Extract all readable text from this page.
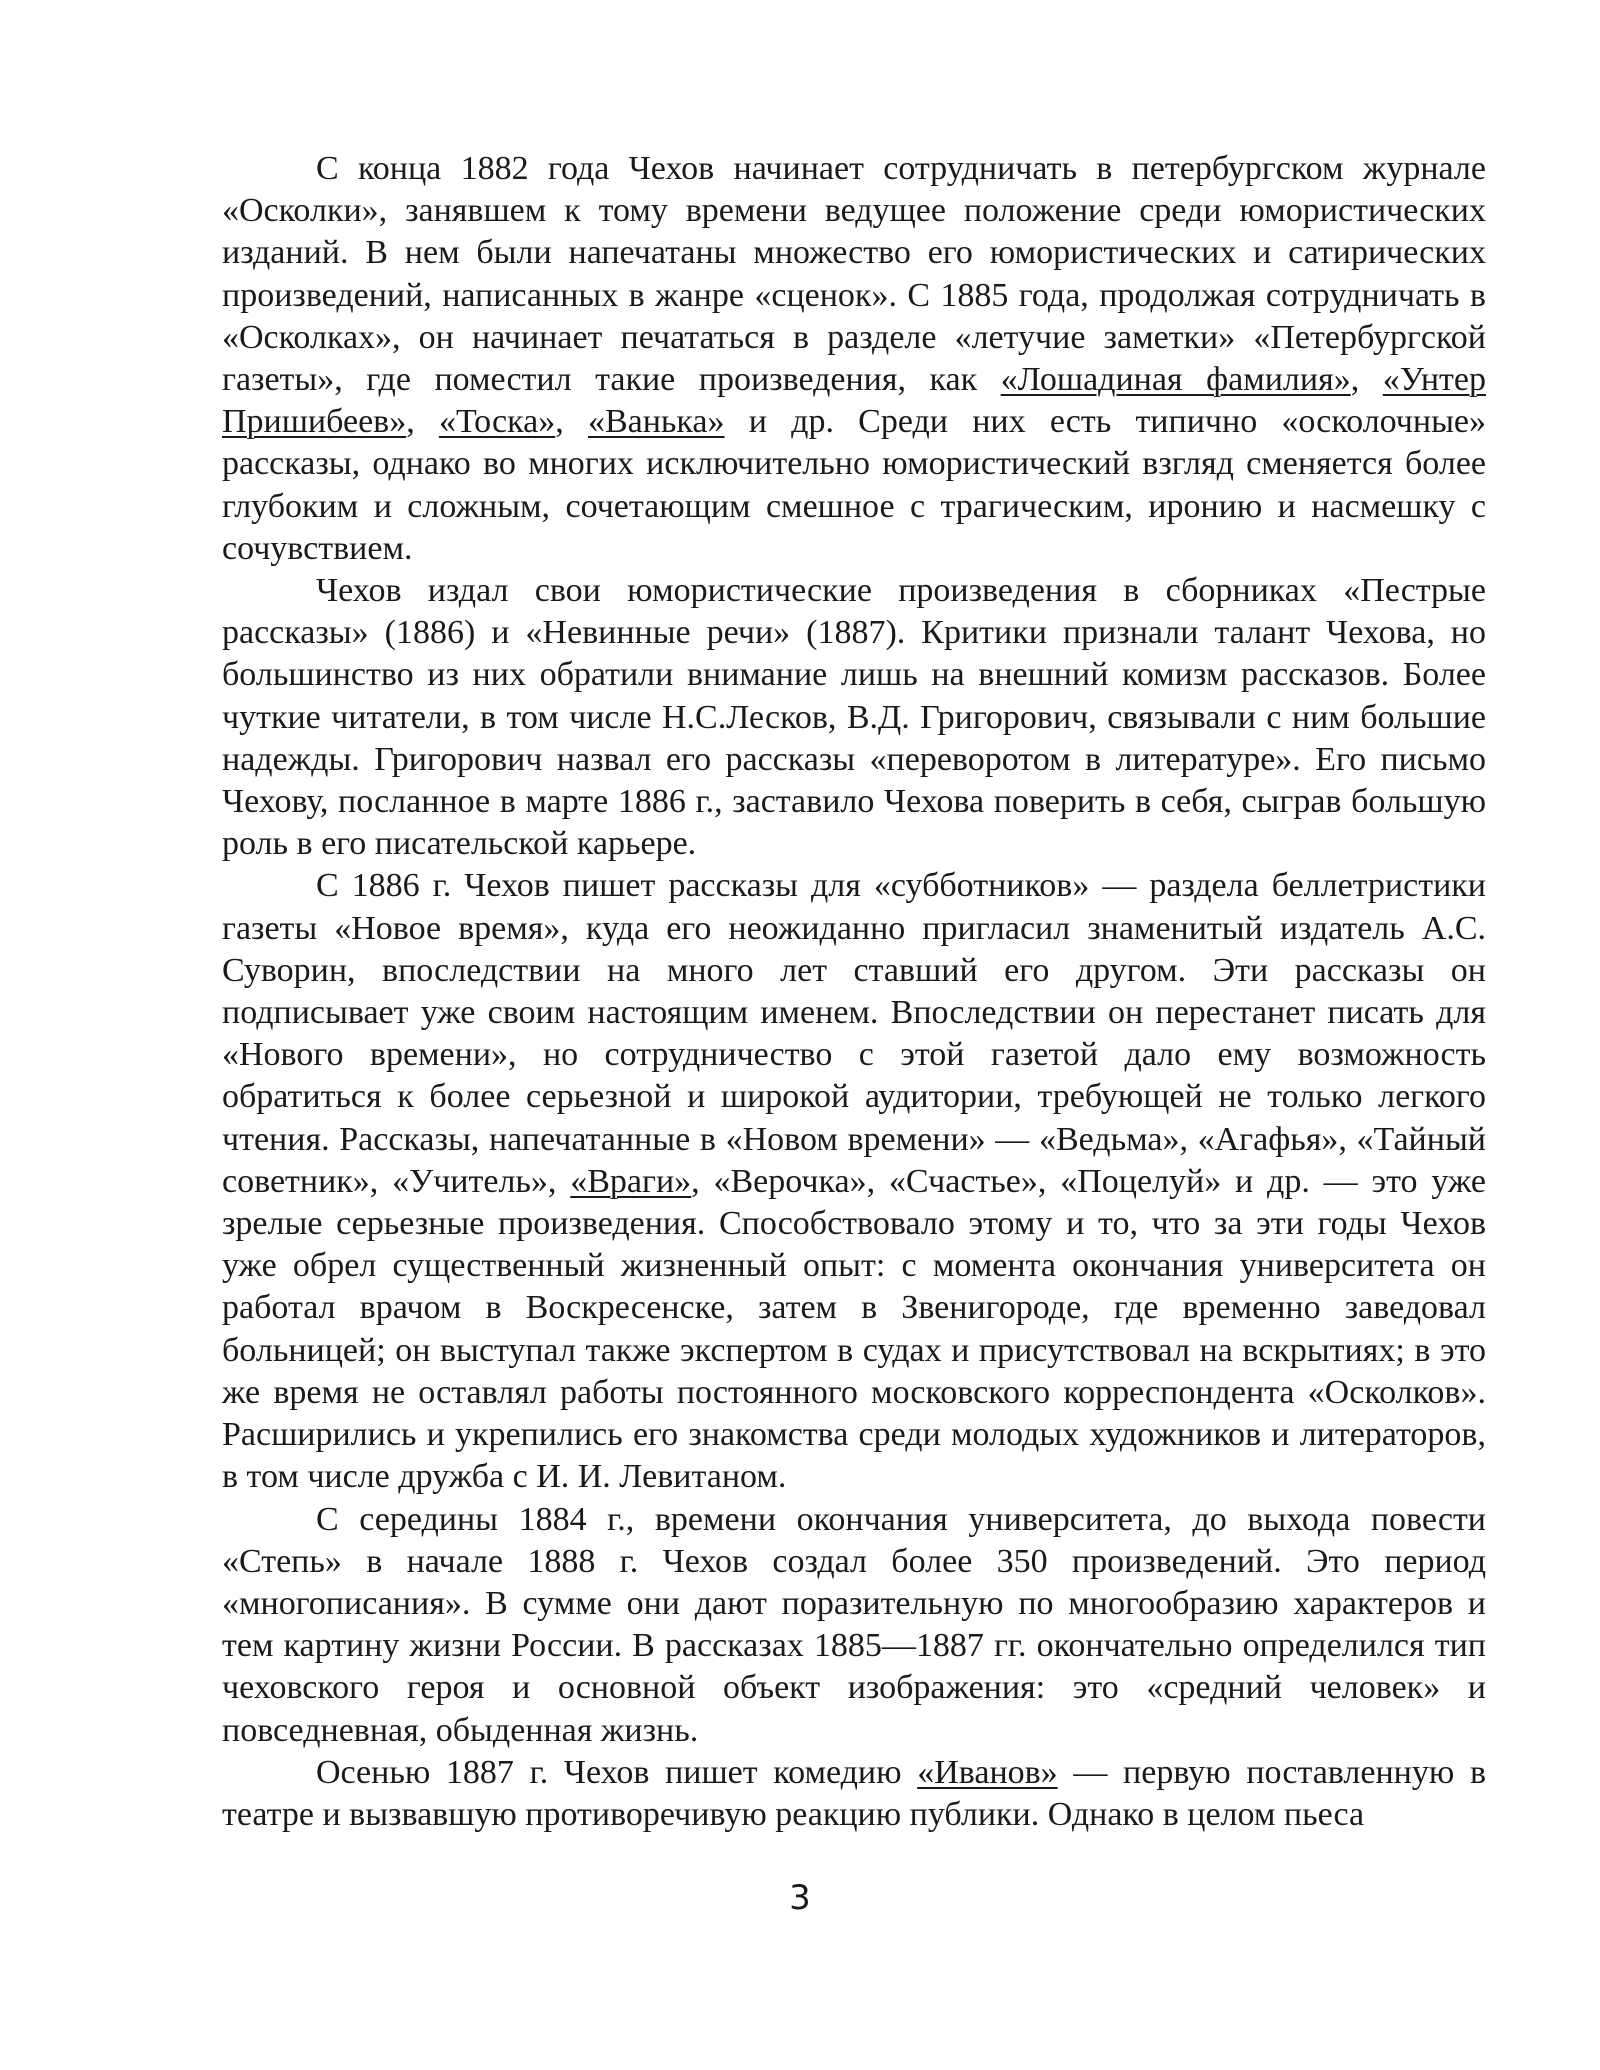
С конца 1882 года Чехов начинает сотрудничать в петербургском журнале «Осколки», занявшем к тому времени ведущее положение среди юмористических изданий. В нем были напечатаны множество его юмористических и сатирических произведений, написанных в жанре «сценок». С 1885 года, продолжая сотрудничать в «Осколках», он начинает печататься в разделе «летучие заметки» «Петербургской газеты», где поместил такие произведения, как «Лошадиная фамилия», «Унтер Пришибеев», «Тоска», «Ванька» и др. Среди них есть типично «осколочные» рассказы, однако во многих исключительно юмористический взгляд сменяется более глубоким и сложным, сочетающим смешное с трагическим, иронию и насмешку с сочувствием.

Чехов издал свои юмористические произведения в сборниках «Пестрые рассказы» (1886) и «Невинные речи» (1887). Критики признали талант Чехова, но большинство из них обратили внимание лишь на внешний комизм рассказов. Более чуткие читатели, в том числе Н.С.Лесков, В.Д. Григорович, связывали с ним большие надежды. Григорович назвал его рассказы «переворотом в литературе». Его письмо Чехову, посланное в марте 1886 г., заставило Чехова поверить в себя, сыграв большую роль в его писательской карьере.

С 1886 г. Чехов пишет рассказы для «субботников» — раздела беллетристики газеты «Новое время», куда его неожиданно пригласил знаменитый издатель А.С. Суворин, впоследствии на много лет ставший его другом. Эти рассказы он подписывает уже своим настоящим именем. Впоследствии он перестанет писать для «Нового времени», но сотрудничество с этой газетой дало ему возможность обратиться к более серьезной и широкой аудитории, требующей не только легкого чтения. Рассказы, напечатанные в «Новом времени» — «Ведьма», «Агафья», «Тайный советник», «Учитель», «Враги», «Верочка», «Счастье», «Поцелуй» и др. — это уже зрелые серьезные произведения. Способствовало этому и то, что за эти годы Чехов уже обрел существенный жизненный опыт: с момента окончания университета он работал врачом в Воскресенске, затем в Звенигороде, где временно заведовал больницей; он выступал также экспертом в судах и присутствовал на вскрытиях; в это же время не оставлял работы постоянного московского корреспондента «Осколков». Расширились и укрепились его знакомства среди молодых художников и литераторов, в том числе дружба с И. И. Левитаном.

С середины 1884 г., времени окончания университета, до выхода повести «Степь» в начале 1888 г. Чехов создал более 350 произведений. Это период «многописания». В сумме они дают поразительную по многообразию характеров и тем картину жизни России. В рассказах 1885—1887 гг. окончательно определился тип чеховского героя и основной объект изображения: это «средний человек» и повседневная, обыденная жизнь.

Осенью 1887 г. Чехов пишет комедию «Иванов» — первую поставленную в театре и вызвавшую противоречивую реакцию публики. Однако в целом пьеса

3
